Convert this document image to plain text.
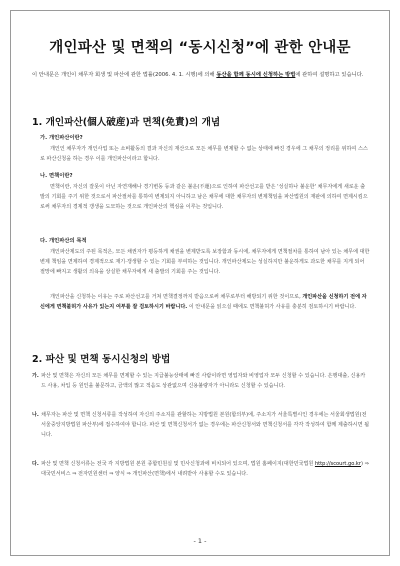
개인파산 및 면책의 “동시신청”에 관한 안내문
이 안내문은 개인이 채무자 회생 및 파산에 관한 법률(2006. 4. 1. 시행)에 의해 동산을 함께 동시에 신청하는 방법에 관하여 설명하고 있습니다.
1. 개인파산(個人破産)과 면책(免責)의 개념
가. 개인파산이란?
개인인 채무자가 개인사업 또는 소비활동의 결과 자신의 재산으로 모든 채무를 변제할 수 없는 상태에 빠진 경우에 그 채무의 정리를 위하여 스스로 파산신청을 하는 경우 이를 개인파산이라고 합니다.
나. 면책이란?
면책이란, 자신의 잘못이 아닌 자연재해나 경기변동 등과 같은 불운(不運)으로 인하여 파산선고를 받은 '성실하나 불운한' 채무자에게 새로운 출발의 기회를 주기 위한 것으로서 파산절차를 통하여 변제되지 아니하고 남은 채무에 대한 채무자의 변제책임을 파산법원의 재판에 의하여 면제시킴으로써 채무자의 경제적 갱생을 도모하는 것으로 개인파산의 핵심을 이루는 것입니다.
다. 개인파산의 목적
개인파산제도의 주된 목적은, 모든 채권자가 평등하게 채권을 변제받도록 보장함과 동시에, 채무자에게 면책절차를 통하여 남아 있는 채무에 대한 변제 책임을 면제하여 경제적으로 재기·갱생할 수 있는 기회를 부여하는 것입니다. 개인파산제도는 성실하지만 불운하게도 과도한 채무를 지게 되어 절망에 빠지고 생활의 의욕을 상실한 채무자에게 새 출발의 기회를 주는 것입니다.
개인파산을 신청하는 이유는 주로 파산선고를 거쳐 면책결정까지 받음으로써 채무로부터 해방되기 위한 것이므로, 개인파산을 신청하기 전에 자신에게 면책불허가 사유가 있는지 여부를 잘 검토하시기 바랍니다. 이 안내문을 읽으실 때에도 면책불허가 사유를 충분히 검토하시기 바랍니다.
2. 파산 및 면책 동시신청의 방법
가. 파산 및 면책은 자신의 모든 채무를 면제할 수 있는 지급불능상태에 빠진 사람이라면 영업자와 비영업자 모두 신청할 수 있습니다. 은행대출, 신용카드 사용, 차입 등 원인을 불문하고, 금액의 많고 적음도 상관없으며 신용불량자가 아니라도 신청할 수 있습니다.
나. 채무자는 파산 및 면책 신청서류를 작성하여 자신의 주소지를 관할하는 지방법원 본원(합의부)에, 주소지가 서울특별시인 경우에는 서울회생법원(전 서울중앙지방법원 파산부)에 접수하여야 합니다. 파산 및 면책신청서가 없는 경우에는 파산신청서와 면책신청서를 각각 작성하여 함께 제출하시면 됩니다.
다. 파산 및 면책 신청서류는 전국 각 지방법원 본원 종합민원실 및 민사신청과에 비치되어 있으며, 법원 홈페이지(대한민국법원 http://scourt.go.kr) ⇒ 대국민서비스 ⇒ 전자민원센터 ⇒ 양식 ⇒ 개인파산(면책)에서 내려받아 사용할 수도 있습니다.
- 1 -
